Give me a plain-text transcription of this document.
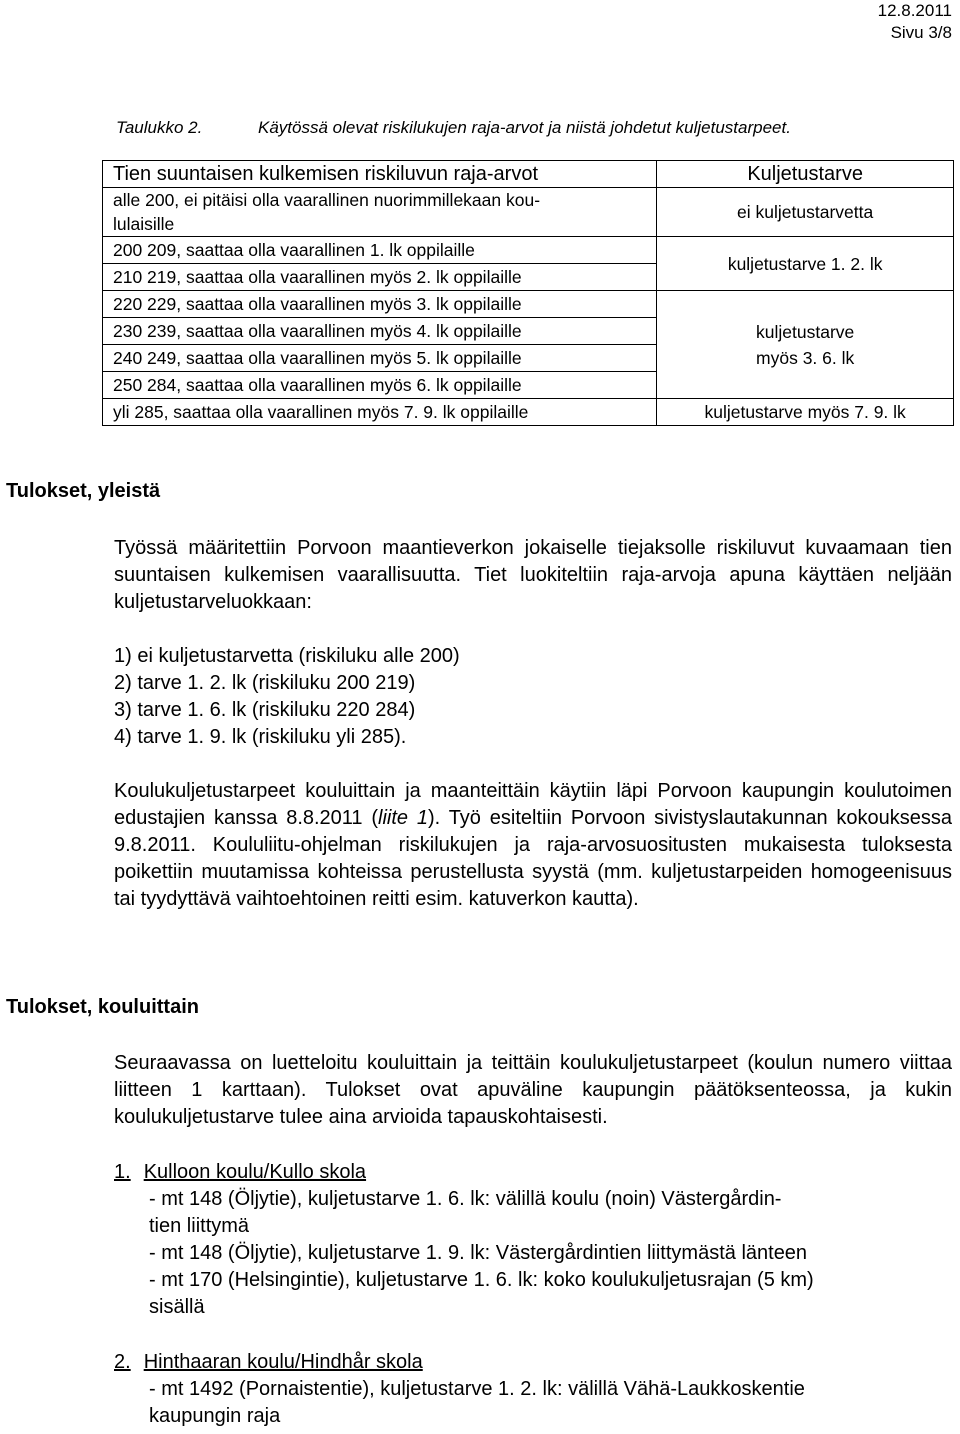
12.8.2011
Sivu 3/8
Taulukko 2.	Käytössä olevat riskilukujen raja-arvot ja niistä johdetut kuljetustarpeet.
Tien suuntaisen kulkemisen riskiluvun raja-arvot	Kuljetustarve

alle 200, ei pitäisi olla vaarallinen nuorimmillekaan kou-
lulaisille	ei kuljetustarvetta
200 209, saattaa olla vaarallinen 1. lk oppilaille	kuljetustarve 1. 2. lk
210 219, saattaa olla vaarallinen myös 2. lk oppilaille	
220 229, saattaa olla vaarallinen myös 3. lk oppilaille	kuljetustarve
myös 3. 6. lk

230 239, saattaa olla vaarallinen myös 4. lk oppilaille	
240 249, saattaa olla vaarallinen myös 5. lk oppilaille	
250 284, saattaa olla vaarallinen myös 6. lk oppilaille	
yli 285, saattaa olla vaarallinen myös 7. 9. lk oppilaille	kuljetustarve myös 7. 9. lk
Tulokset, yleistä
Työssä määritettiin Porvoon maantieverkon jokaiselle tiejaksolle riskiluvut kuvaamaan tien suuntaisen kulkemisen vaarallisuutta. Tiet luokiteltiin raja-arvoja apuna käyttäen neljään kuljetustarveluokkaan:
1) ei kuljetustarvetta (riskiluku alle 200)
2) tarve 1. 2. lk (riskiluku 200 219)
3) tarve 1. 6. lk (riskiluku 220 284)
4) tarve 1. 9. lk (riskiluku yli 285).
Koulukuljetustarpeet kouluittain ja maanteittäin käytiin läpi Porvoon kaupungin koulutoimen edustajien kanssa 8.8.2011 (liite 1). Työ esiteltiin Porvoon sivistyslautakunnan kokouksessa 9.8.2011. Koululiitu-ohjelman riskilukujen ja raja-arvosuositusten mukaisesta tuloksesta poikettiin muutamissa kohteissa perustellusta syystä (mm. kuljetustarpeiden homogeenisuus tai tyydyttävä vaihtoehtoinen reitti esim. katuverkon kautta).
Tulokset, kouluittain
Seuraavassa on luetteloitu kouluittain ja teittäin koulukuljetustarpeet (koulun numero viittaa liitteen 1 karttaan). Tulokset ovat apuväline kaupungin päätöksenteossa, ja kukin koulukuljetustarve tulee aina arvioida tapauskohtaisesti.
1. Kulloon koulu/Kullo skola
- mt 148 (Öljytie), kuljetustarve 1. 6. lk: välillä koulu (noin) Västergårdin-
tien liittymä
- mt 148 (Öljytie), kuljetustarve 1. 9. lk: Västergårdintien liittymästä länteen
- mt 170 (Helsingintie), kuljetustarve 1. 6. lk: koko koulukuljetusrajan (5 km)
sisällä
2. Hinthaaran koulu/Hindhår skola
- mt 1492 (Pornaistentie), kuljetustarve 1. 2. lk: välillä Vähä-Laukkoskentie
kaupungin raja
